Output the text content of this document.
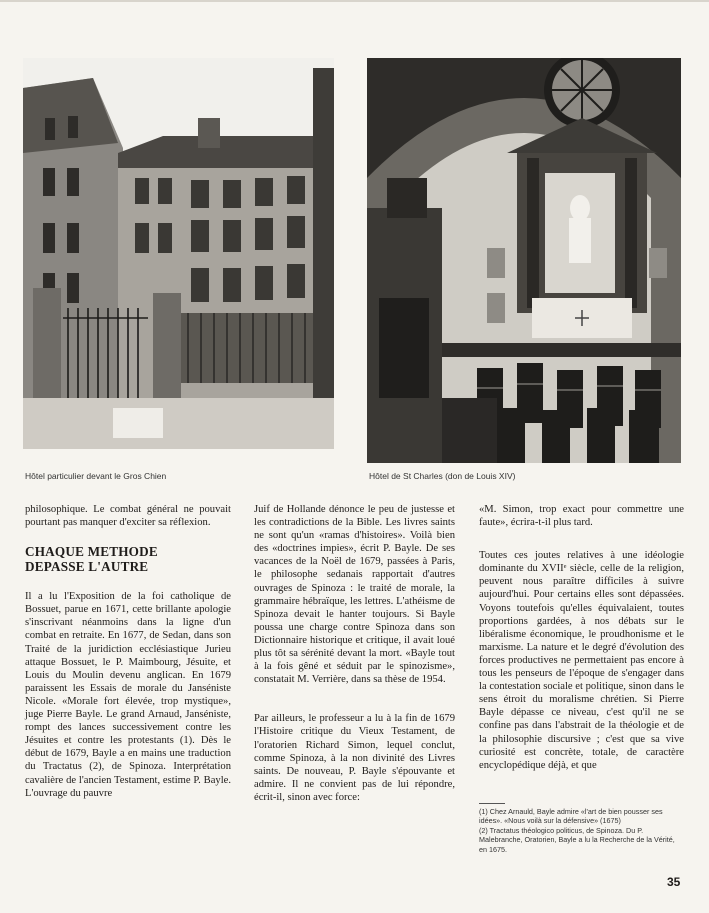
Hôtel particulier devant le Gros Chien	Hôtel de St Charles (don de Louis XIV)

philosophique. Le combat général ne pouvait pourtant pas manquer d'exciter sa réflexion.

CHAQUE METHODE
DEPASSE L'AUTRE

Il a lu l'Exposition de la foi catholique de Bossuet, parue en 1671, cette brillante apologie s'inscrivant néanmoins dans la ligne d'un combat en retraite. En 1677, de Sedan, dans son Traité de la juridiction ecclésiastique Jurieu attaque Bossuet, le P. Maimbourg, Jésuite, et Louis du Moulin devenu anglican. En 1679 paraissent les Essais de morale du Janséniste Nicole. «Morale fort élevée, trop mystique», juge Pierre Bayle. Le grand Arnaud, Janséniste, rompt des lances successivement contre les Jésuites et contre les protestants (1). Dès le début de 1679, Bayle a en mains une traduction du Tractatus (2), de Spinoza. Interprétation cavalière de l'ancien Testament, estime P. Bayle. L'ouvrage du pauvre

Juif de Hollande dénonce le peu de justesse et les contradictions de la Bible. Les livres saints ne sont qu'un «ramas d'histoires». Voilà bien des «doctrines impies», écrit P. Bayle. De ses vacances de la Noël de 1679, passées à Paris, le philosophe sedanais rapportait d'autres ouvrages de Spinoza : le traité de morale, la grammaire hébraïque, les lettres. L'athéisme de Spinoza devait le hanter toujours. Si Bayle poussa une charge contre Spinoza dans son Dictionnaire historique et critique, il avait loué plus tôt sa sérénité devant la mort. «Bayle tout à la fois gêné et séduit par le spinozisme», constatait M. Verrière, dans sa thèse de 1954.

Par ailleurs, le professeur a lu à la fin de 1679 l'Histoire critique du Vieux Testament, de l'oratorien Richard Simon, lequel conclut, comme Spinoza, à la non divinité des Livres saints. De nouveau, P. Bayle s'épouvante et admire. Il ne convient pas de lui répondre, écrit-il, sinon avec force:

«M. Simon, trop exact pour commettre une faute», écrira-t-il plus tard.

Toutes ces joutes relatives à une idéologie dominante du XVIIᵉ siècle, celle de la religion, peuvent nous paraître difficiles à suivre aujourd'hui. Pour certains elles sont dépassées. Voyons toutefois qu'elles équivalaient, toutes proportions gardées, à nos débats sur le libéralisme économique, le proudhonisme et le marxisme. La nature et le degré d'évolution des forces productives ne permettaient pas encore à tous les penseurs de l'époque de s'engager dans la contestation sociale et politique, sinon dans le sens étroit du moralisme chrétien. Si Pierre Bayle dépasse ce niveau, c'est qu'il ne se confine pas dans l'abstrait de la théologie et de la philosophie discursive ; c'est que sa vive curiosité est concrète, totale, de caractère encyclopédique déjà, et que

(1) Chez Arnauld, Bayle admire «l'art de bien pousser ses idées». «Nous voilà sur la défensive» (1675)
(2) Tractatus théologico politicus, de Spinoza. Du P. Malebranche, Oratorien, Bayle a lu la Recherche de la Vérité, en 1675.
35
